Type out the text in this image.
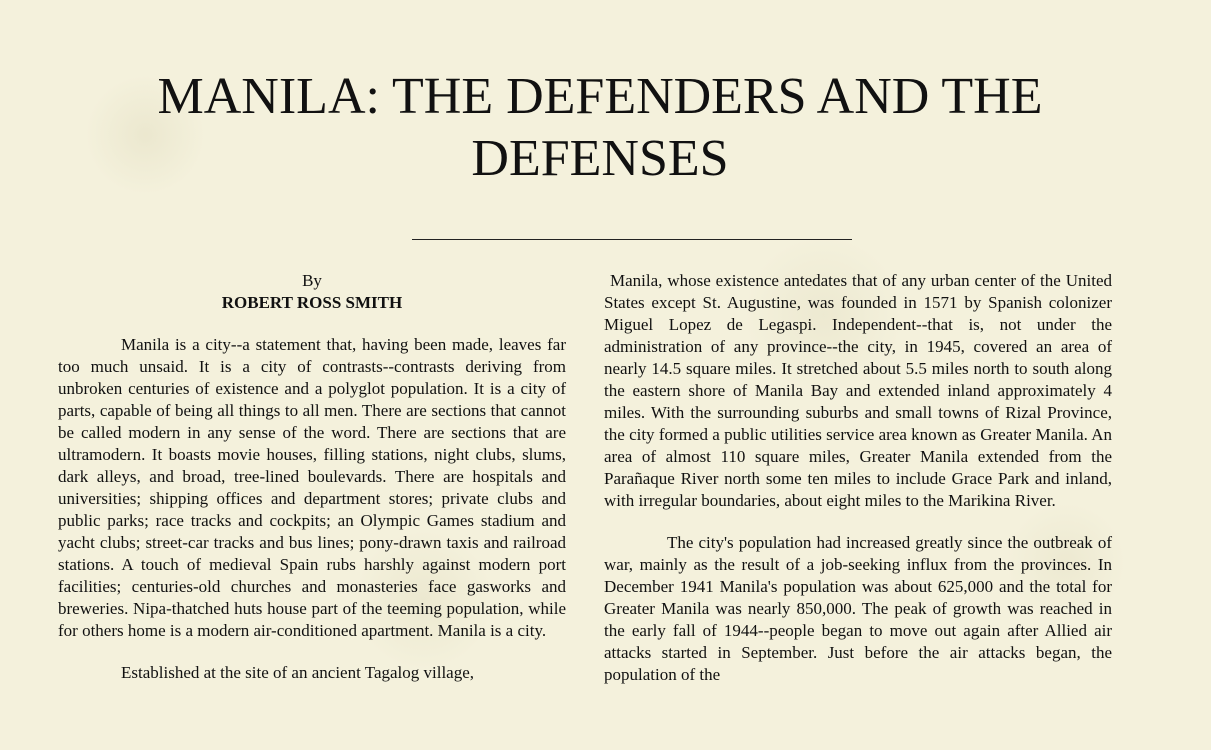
MANILA: THE DEFENDERS AND THE DEFENSES

By

ROBERT ROSS SMITH

Manila is a city--a statement that, having been made, leaves far too much unsaid. It is a city of contrasts--contrasts deriving from unbroken centuries of existence and a polyglot population. It is a city of parts, capable of being all things to all men. There are sections that cannot be called modern in any sense of the word. There are sections that are ultramodern. It boasts movie houses, filling stations, night clubs, slums, dark alleys, and broad, tree-lined boulevards. There are hospitals and universities; shipping offices and department stores; private clubs and public parks; race tracks and cockpits; an Olympic Games stadium and yacht clubs; street-car tracks and bus lines; pony-drawn taxis and railroad stations. A touch of medieval Spain rubs harshly against modern port facilities; centuries-old churches and monasteries face gasworks and breweries. Nipa-thatched huts house part of the teeming population, while for others home is a modern air-conditioned apartment. Manila is a city.

Established at the site of an ancient Tagalog village,

Manila, whose existence antedates that of any urban center of the United States except St. Augustine, was founded in 1571 by Spanish colonizer Miguel Lopez de Legaspi. Independent--that is, not under the administration of any province--the city, in 1945, covered an area of nearly 14.5 square miles. It stretched about 5.5 miles north to south along the eastern shore of Manila Bay and extended inland approximately 4 miles. With the surrounding suburbs and small towns of Rizal Province, the city formed a public utilities service area known as Greater Manila. An area of almost 110 square miles, Greater Manila extended from the Parañaque River north some ten miles to include Grace Park and inland, with irregular boundaries, about eight miles to the Marikina River.

The city's population had increased greatly since the outbreak of war, mainly as the result of a job-seeking influx from the provinces. In December 1941 Manila's population was about 625,000 and the total for Greater Manila was nearly 850,000. The peak of growth was reached in the early fall of 1944--people began to move out again after Allied air attacks started in September. Just before the air attacks began, the population of the
